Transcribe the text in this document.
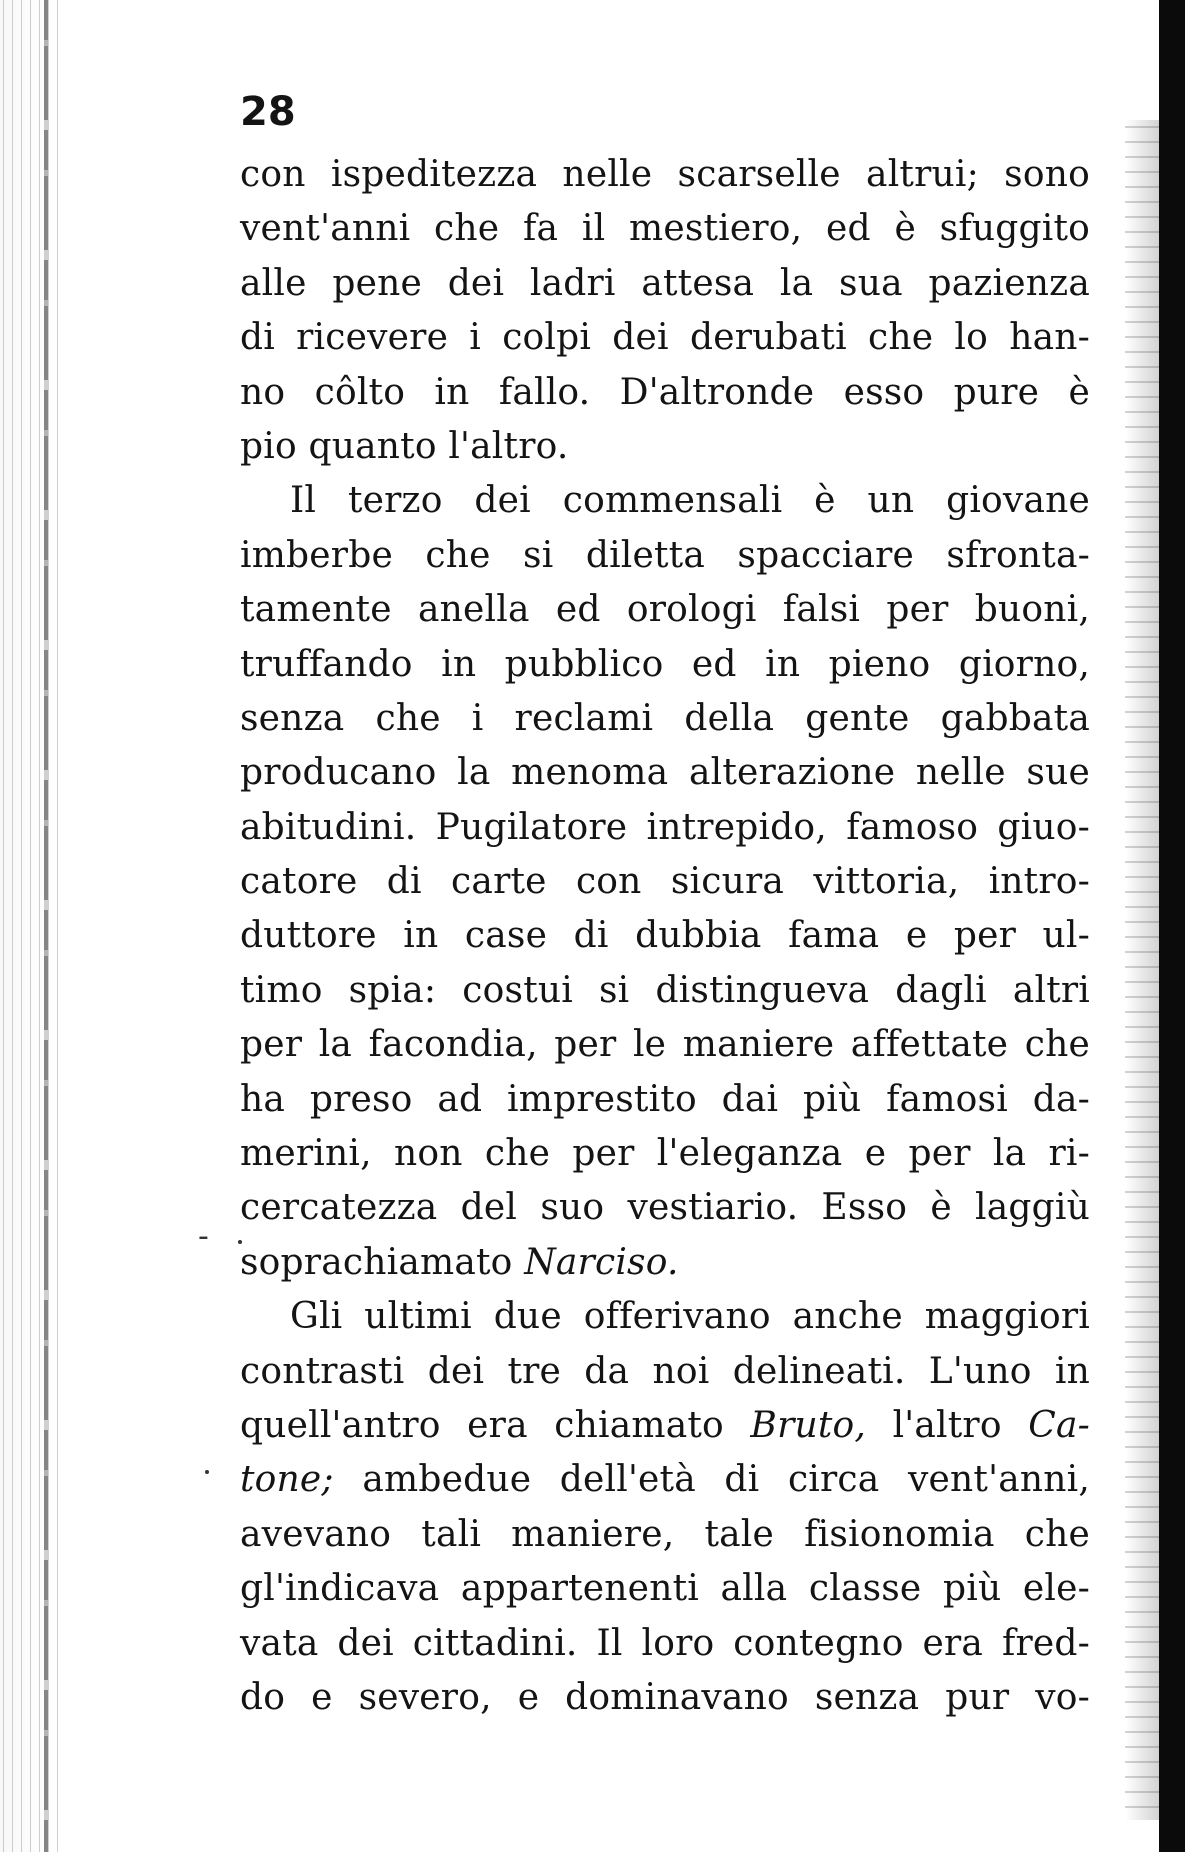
-
28
con ispeditezza nelle scarselle altrui; sono
vent'anni che fa il mestiero, ed è sfuggito
alle pene dei ladri attesa la sua pazienza
di ricevere i colpi dei derubati che lo han-
no côlto in fallo. D'altronde esso pure è
pio quanto l'altro.
Il terzo dei commensali è un giovane
imberbe che si diletta spacciare sfronta-
tamente anella ed orologi falsi per buoni,
truffando in pubblico ed in pieno giorno,
senza che i reclami della gente gabbata
producano la menoma alterazione nelle sue
abitudini. Pugilatore intrepido, famoso giuo-
catore di carte con sicura vittoria, intro-
duttore in case di dubbia fama e per ul-
timo spia: costui si distingueva dagli altri
per la facondia, per le maniere affettate che
ha preso ad imprestito dai più famosi da-
merini, non che per l'eleganza e per la ri-
cercatezza del suo vestiario. Esso è laggiù
soprachiamato Narciso.
Gli ultimi due offerivano anche maggiori
contrasti dei tre da noi delineati. L'uno in
quell'antro era chiamato Bruto, l'altro Ca-
tone; ambedue dell'età di circa vent'anni,
avevano tali maniere, tale fisionomia che
gl'indicava appartenenti alla classe più ele-
vata dei cittadini. Il loro contegno era fred-
do e severo, e dominavano senza pur vo-
